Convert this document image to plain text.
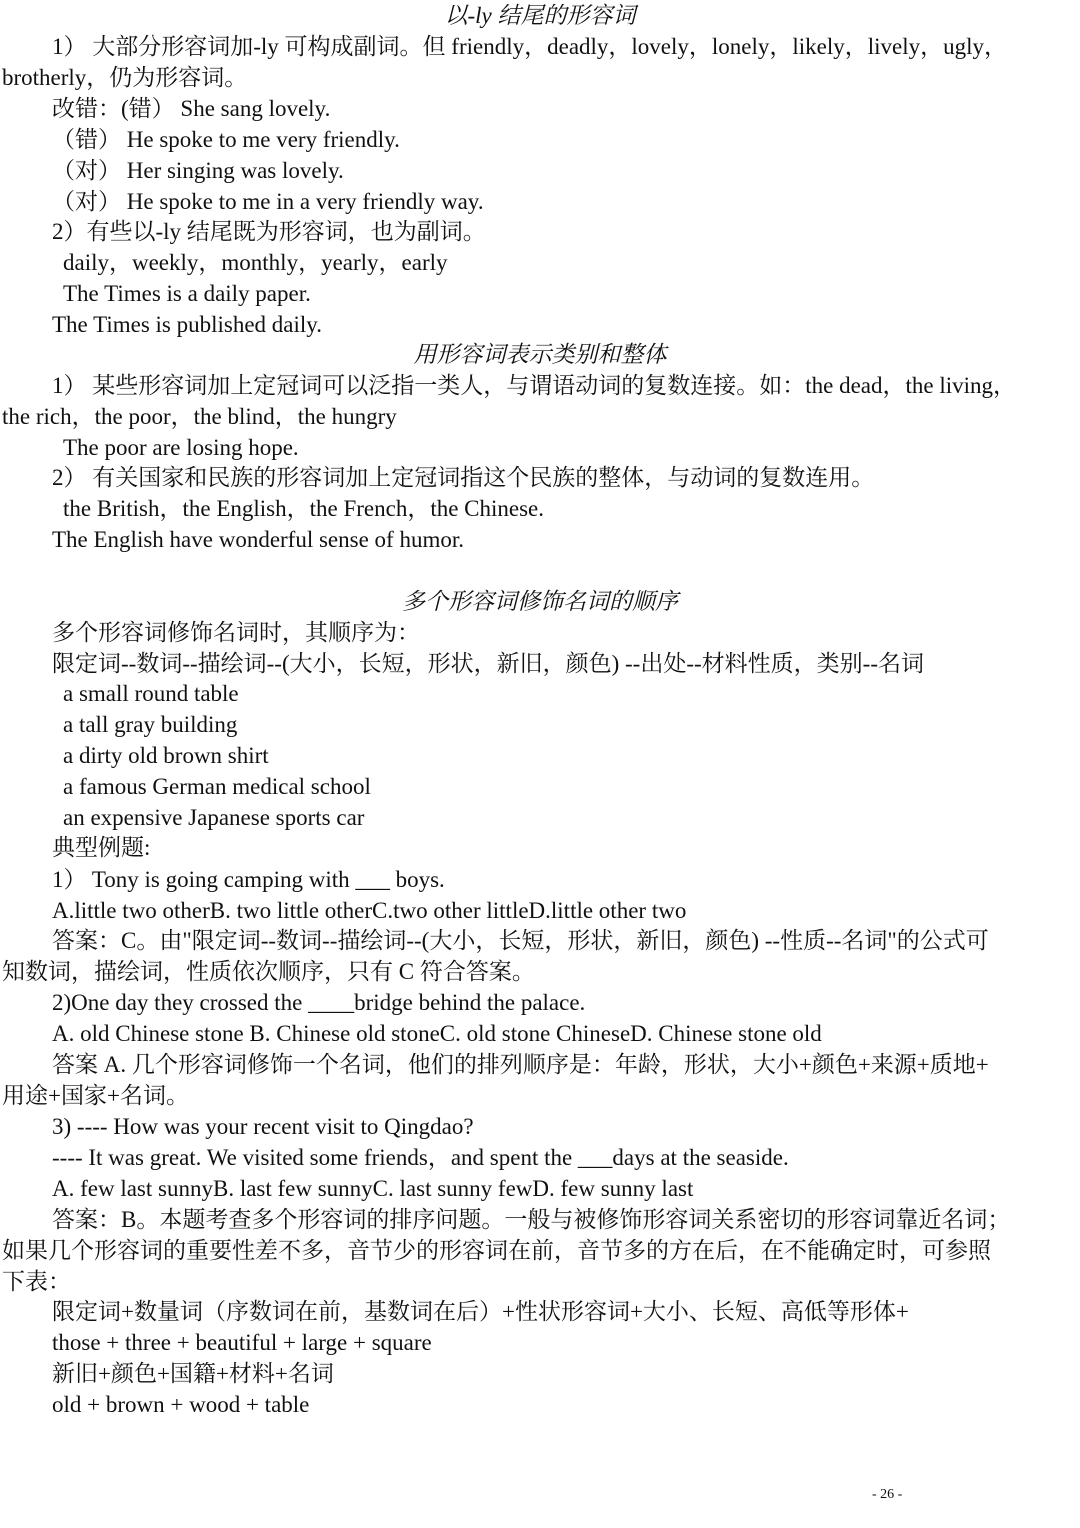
以-ly 结尾的形容词
1） 大部分形容词加-ly 可构成副词。但 friendly，deadly，lovely，lonely，likely，lively，ugly，
brotherly，仍为形容词。
改错：(错） She sang lovely.
（错） He spoke to me very friendly.
（对） Her singing was lovely.
（对） He spoke to me in a very friendly way.
2）有些以-ly 结尾既为形容词，也为副词。
daily，weekly，monthly，yearly，early
The Times is a daily paper.
The Times is published daily.
用形容词表示类别和整体
1） 某些形容词加上定冠词可以泛指一类人，与谓语动词的复数连接。如：the dead，the living，
the rich，the poor，the blind，the hungry
The poor are losing hope.
2） 有关国家和民族的形容词加上定冠词指这个民族的整体，与动词的复数连用。
the British，the English，the French，the Chinese.
The English have wonderful sense of humor.
多个形容词修饰名词的顺序
多个形容词修饰名词时，其顺序为：
限定词--数词--描绘词--(大小，长短，形状，新旧，颜色) --出处--材料性质，类别--名词
a small round table
a tall gray building
a dirty old brown shirt
a famous German medical school
an expensive Japanese sports car
典型例题:
1） Tony is going camping with ___ boys.
A.little two otherB. two little otherC.two other littleD.little other two
答案：C。由"限定词--数词--描绘词--(大小，长短，形状，新旧，颜色) --性质--名词"的公式可
知数词，描绘词，性质依次顺序，只有 C 符合答案。
2)One day they crossed the ____bridge behind the palace.
A. old Chinese stone B. Chinese old stoneC. old stone ChineseD. Chinese stone old
答案 A. 几个形容词修饰一个名词，他们的排列顺序是：年龄，形状，大小+颜色+来源+质地+
用途+国家+名词。
3) ---- How was your recent visit to Qingdao?
---- It was great. We visited some friends，and spent the ___days at the seaside.
A. few last sunnyB. last few sunnyC. last sunny fewD. few sunny last
答案：B。本题考查多个形容词的排序问题。一般与被修饰形容词关系密切的形容词靠近名词；
如果几个形容词的重要性差不多，音节少的形容词在前，音节多的方在后，在不能确定时，可参照
下表：
限定词+数量词（序数词在前，基数词在后）+性状形容词+大小、长短、高低等形体+
those + three + beautiful + large + square
新旧+颜色+国籍+材料+名词
old + brown + wood + table
- 26 -
